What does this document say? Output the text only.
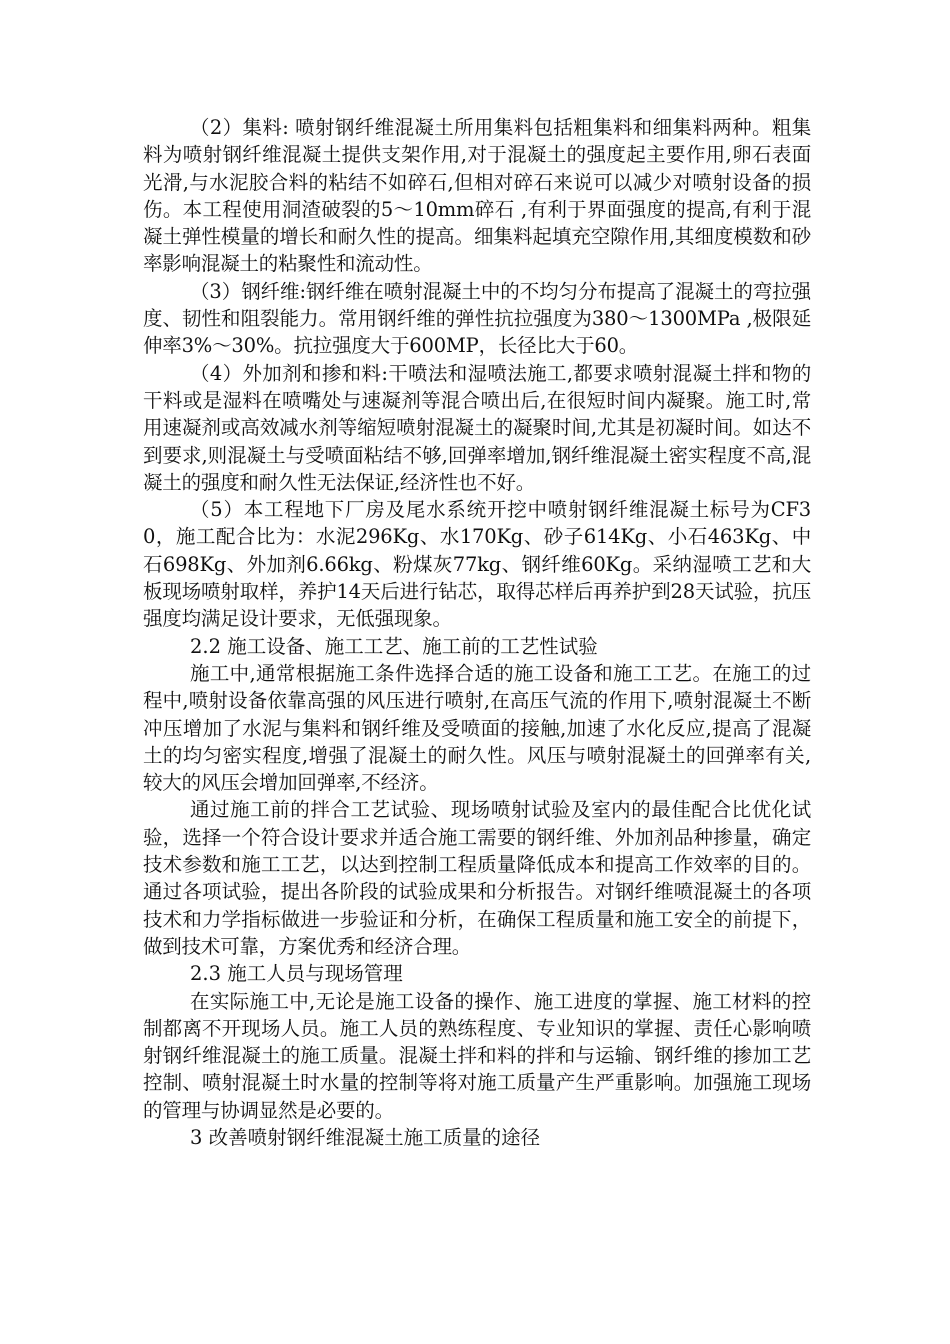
（2）集料: 喷射钢纤维混凝土所用集料包括粗集料和细集料两种。粗集料为喷射钢纤维混凝土提供支架作用,对于混凝土的强度起主要作用,卵石表面光滑,与水泥胶合料的粘结不如碎石,但相对碎石来说可以减少对喷射设备的损伤。本工程使用洞渣破裂的5～10mm碎石 ,有利于界面强度的提高,有利于混凝土弹性模量的增长和耐久性的提高。细集料起填充空隙作用,其细度模数和砂率影响混凝土的粘聚性和流动性。

（3）钢纤维:钢纤维在喷射混凝土中的不均匀分布提高了混凝土的弯拉强度、韧性和阻裂能力。常用钢纤维的弹性抗拉强度为380～1300MPa ,极限延伸率3%～30%。抗拉强度大于600MP，长径比大于60。

（4）外加剂和掺和料:干喷法和湿喷法施工,都要求喷射混凝土拌和物的干料或是湿料在喷嘴处与速凝剂等混合喷出后,在很短时间内凝聚。施工时,常用速凝剂或高效减水剂等缩短喷射混凝土的凝聚时间,尤其是初凝时间。如达不到要求,则混凝土与受喷面粘结不够,回弹率增加,钢纤维混凝土密实程度不高,混凝土的强度和耐久性无法保证,经济性也不好。

（5）本工程地下厂房及尾水系统开挖中喷射钢纤维混凝土标号为CF30，施工配合比为：水泥296Kg、水170Kg、砂子614Kg、小石463Kg、中石698Kg、外加剂6.66kg、粉煤灰77kg、钢纤维60Kg。采纳湿喷工艺和大板现场喷射取样，养护14天后进行钻芯，取得芯样后再养护到28天试验，抗压强度均满足设计要求，无低强现象。

2.2 施工设备、施工工艺、施工前的工艺性试验

施工中,通常根据施工条件选择合适的施工设备和施工工艺。在施工的过程中,喷射设备依靠高强的风压进行喷射,在高压气流的作用下,喷射混凝土不断冲压增加了水泥与集料和钢纤维及受喷面的接触,加速了水化反应,提高了混凝土的均匀密实程度,增强了混凝土的耐久性。风压与喷射混凝土的回弹率有关,较大的风压会增加回弹率,不经济。

通过施工前的拌合工艺试验、现场喷射试验及室内的最佳配合比优化试验，选择一个符合设计要求并适合施工需要的钢纤维、外加剂品种掺量，确定技术参数和施工工艺，以达到控制工程质量降低成本和提高工作效率的目的。通过各项试验，提出各阶段的试验成果和分析报告。对钢纤维喷混凝土的各项技术和力学指标做进一步验证和分析，在确保工程质量和施工安全的前提下，做到技术可靠，方案优秀和经济合理。

2.3 施工人员与现场管理

在实际施工中,无论是施工设备的操作、施工进度的掌握、施工材料的控制都离不开现场人员。施工人员的熟练程度、专业知识的掌握、责任心影响喷射钢纤维混凝土的施工质量。混凝土拌和料的拌和与运输、钢纤维的掺加工艺控制、喷射混凝土时水量的控制等将对施工质量产生严重影响。加强施工现场的管理与协调显然是必要的。

3 改善喷射钢纤维混凝土施工质量的途径
